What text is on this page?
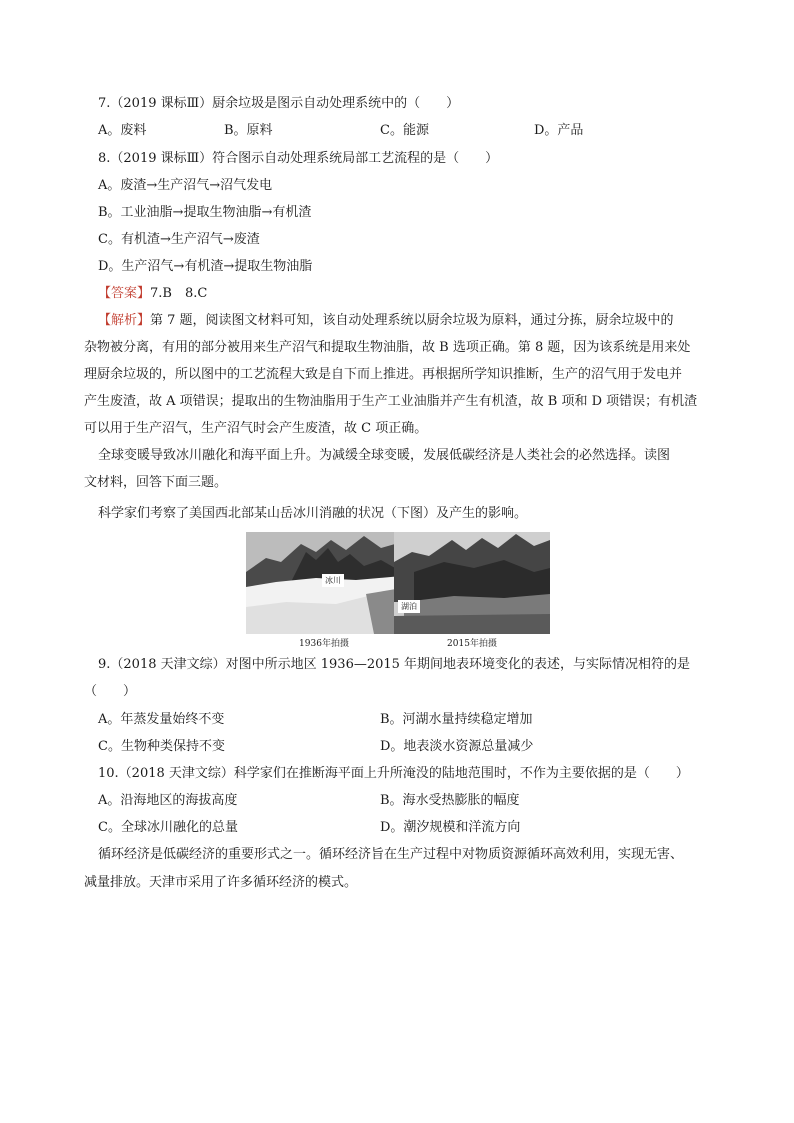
7.（2019 课标Ⅲ）厨余垃圾是图示自动处理系统中的（　　）
A。废料	B。原料	C。能源	D。产品
8.（2019 课标Ⅲ）符合图示自动处理系统局部工艺流程的是（　　）
A。废渣→生产沼气→沼气发电
B。工业油脂→提取生物油脂→有机渣
C。有机渣→生产沼气→废渣
D。生产沼气→有机渣→提取生物油脂
【答案】7.B　8.C
【解析】第 7 题，阅读图文材料可知，该自动处理系统以厨余垃圾为原料，通过分拣，厨余垃圾中的
杂物被分离，有用的部分被用来生产沼气和提取生物油脂，故 B 选项正确。第 8 题，因为该系统是用来处
理厨余垃圾的，所以图中的工艺流程大致是自下而上推进。再根据所学知识推断，生产的沼气用于发电并
产生废渣，故 A 项错误；提取出的生物油脂用于生产工业油脂并产生有机渣，故 B 项和 D 项错误；有机渣
可以用于生产沼气，生产沼气时会产生废渣，故 C 项正确。
全球变暖导致冰川融化和海平面上升。为减缓全球变暖，发展低碳经济是人类社会的必然选择。读图
文材料，回答下面三题。
科学家们考察了美国西北部某山岳冰川消融的状况（下图）及产生的影响。
冰川
1936年拍摄
湖泊
2015年拍摄
9.（2018 天津文综）对图中所示地区 1936—2015 年期间地表环境变化的表述，与实际情况相符的是
（　　）
A。年蒸发量始终不变	B。河湖水量持续稳定增加
C。生物种类保持不变	D。地表淡水资源总量减少
10.（2018 天津文综）科学家们在推断海平面上升所淹没的陆地范围时，不作为主要依据的是（　　）
A。沿海地区的海拔高度	B。海水受热膨胀的幅度
C。全球冰川融化的总量	D。潮汐规模和洋流方向
循环经济是低碳经济的重要形式之一。循环经济旨在生产过程中对物质资源循环高效利用，实现无害、
减量排放。天津市采用了许多循环经济的模式。
